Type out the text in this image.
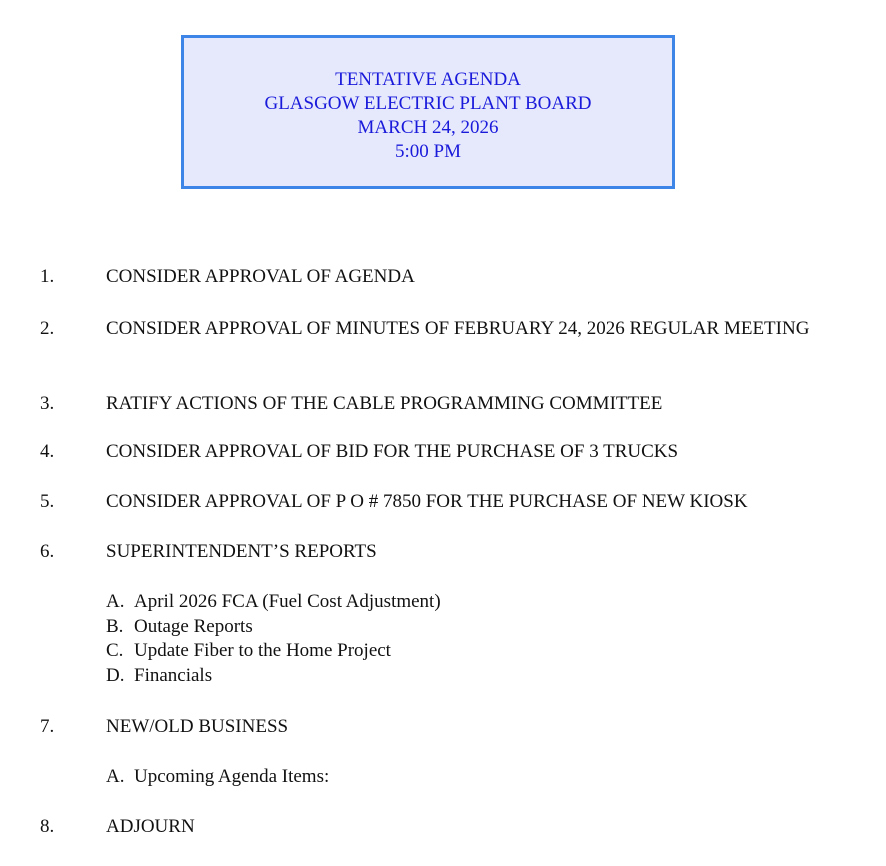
TENTATIVE AGENDA
GLASGOW ELECTRIC PLANT BOARD
MARCH 24, 2026
5:00 PM
1.	CONSIDER APPROVAL OF AGENDA
2.	CONSIDER APPROVAL OF MINUTES OF FEBRUARY 24, 2026 REGULAR MEETING
3.	RATIFY ACTIONS OF THE CABLE PROGRAMMING COMMITTEE
4.	CONSIDER APPROVAL OF BID FOR THE PURCHASE OF 3 TRUCKS
5.	CONSIDER APPROVAL OF P O # 7850 FOR THE PURCHASE OF NEW KIOSK
6.	SUPERINTENDENT’S REPORTS
A. April 2026 FCA (Fuel Cost Adjustment)
B. Outage Reports
C. Update Fiber to the Home Project
D. Financials
7.	NEW/OLD BUSINESS
A. Upcoming Agenda Items:
8.	ADJOURN
